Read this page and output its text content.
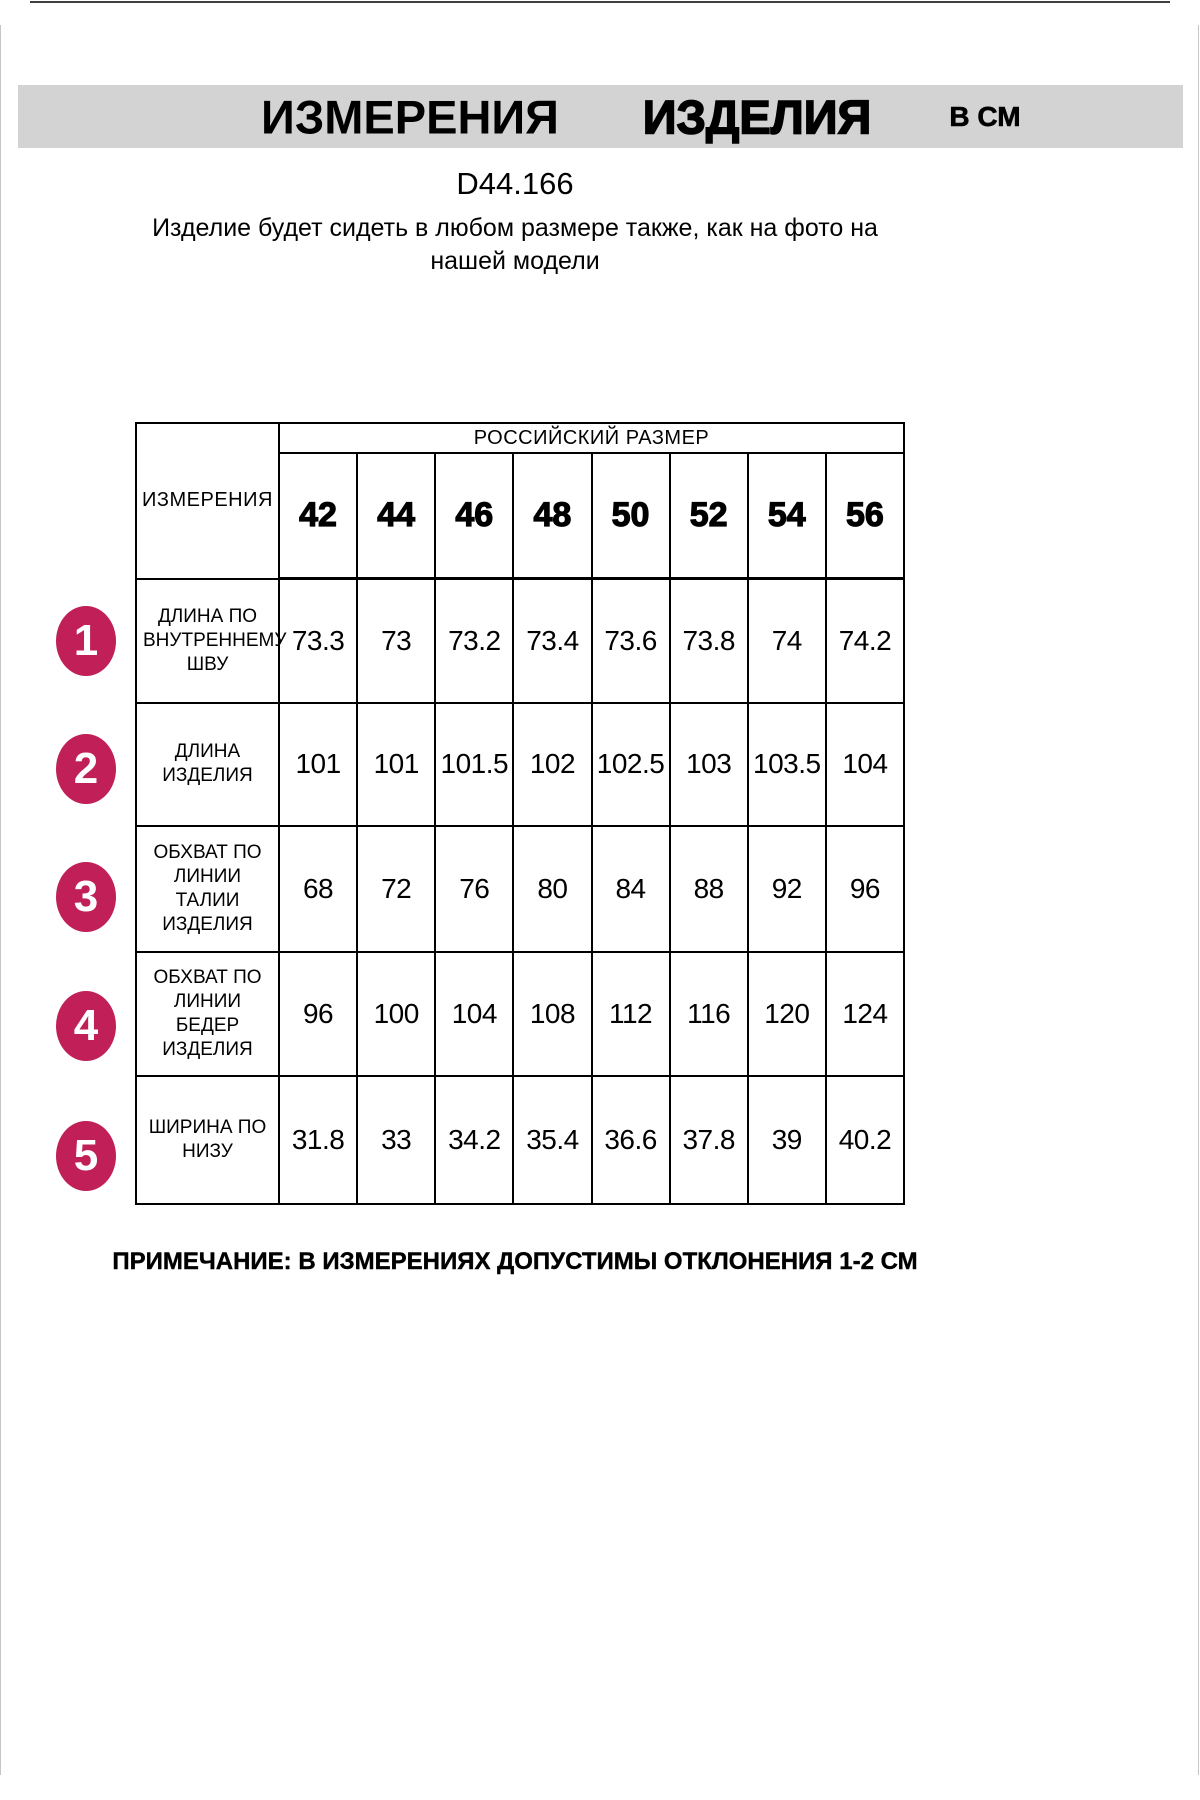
ИЗМЕРЕНИЯ ИЗДЕЛИЯ	В СМ
D44.166
Изделие будет сидеть в любом размере также, как на фото на
нашей модели
ИЗМЕРЕНИЯ	РОССИЙСКИЙ РАЗМЕР							
	42	44	46	48	50	52	54	56
ДЛИНА ПО ВНУТРЕННЕМУ ШВУ	73.3	73	73.2	73.4	73.6	73.8	74	74.2
ДЛИНА ИЗДЕЛИЯ	101	101	101.5	102	102.5	103	103.5	104
ОБХВАТ ПО ЛИНИИ ТАЛИИ ИЗДЕЛИЯ	68	72	76	80	84	88	92	96
ОБХВАТ ПО ЛИНИИ БЕДЕР ИЗДЕЛИЯ	96	100	104	108	112	116	120	124
ШИРИНА ПО НИЗУ	31.8	33	34.2	35.4	36.6	37.8	39	40.2
1
2
3
4
5
ПРИМЕЧАНИЕ: В ИЗМЕРЕНИЯХ ДОПУСТИМЫ ОТКЛОНЕНИЯ 1-2 СМ
